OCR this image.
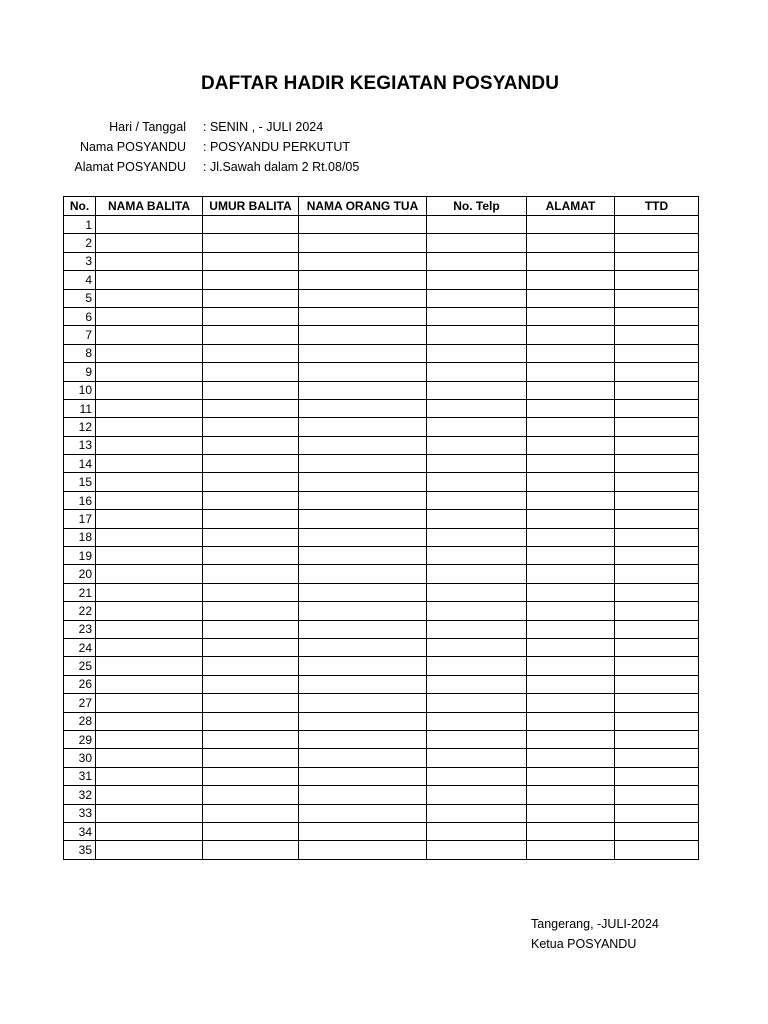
DAFTAR HADIR KEGIATAN POSYANDU
Hari / Tanggal : SENIN , - JULI 2024
Nama POSYANDU : POSYANDU PERKUTUT
Alamat POSYANDU : Jl.Sawah dalam 2 Rt.08/05
No.	NAMA BALITA	UMUR BALITA	NAMA ORANG TUA	No. Telp	ALAMAT	TTD
1						
2						
3						
4						
5						
6						
7						
8						
9						
10						
11						
12						
13						
14						
15						
16						
17						
18						
19						
20						
21						
22						
23						
24						
25						
26						
27						
28						
29						
30						
31						
32						
33						
34						
35						
Tangerang, -JULI-2024
Ketua POSYANDU
